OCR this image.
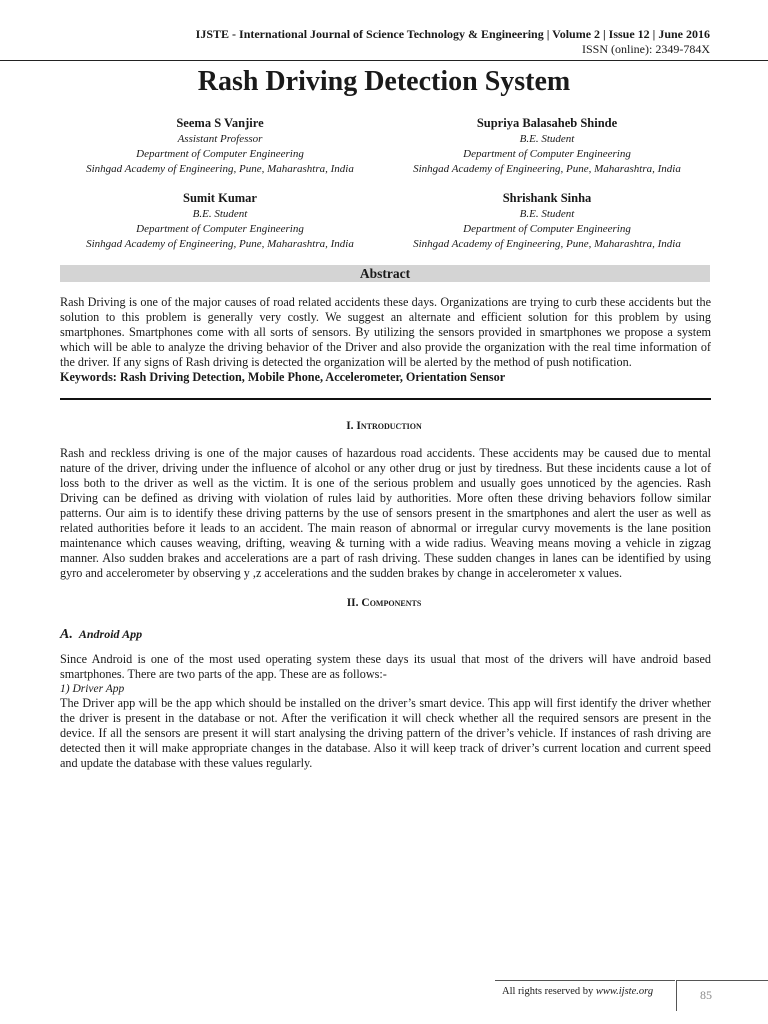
IJSTE - International Journal of Science Technology & Engineering | Volume 2 | Issue 12 | June 2016
ISSN (online): 2349-784X
Rash Driving Detection System
Seema S Vanjire
Assistant Professor
Department of Computer Engineering
Sinhgad Academy of Engineering, Pune, Maharashtra, India
Supriya Balasaheb Shinde
B.E. Student
Department of Computer Engineering
Sinhgad Academy of Engineering, Pune, Maharashtra, India
Sumit Kumar
B.E. Student
Department of Computer Engineering
Sinhgad Academy of Engineering, Pune, Maharashtra, India
Shrishank Sinha
B.E. Student
Department of Computer Engineering
Sinhgad Academy of Engineering, Pune, Maharashtra, India
Abstract
Rash Driving is one of the major causes of road related accidents these days. Organizations are trying to curb these accidents but the solution to this problem is generally very costly. We suggest an alternate and efficient solution for this problem by using smartphones. Smartphones come with all sorts of sensors. By utilizing the sensors provided in smartphones we propose a system which will be able to analyze the driving behavior of the Driver and also provide the organization with the real time information of the driver. If any signs of Rash driving is detected the organization will be alerted by the method of push notification.
Keywords: Rash Driving Detection, Mobile Phone, Accelerometer, Orientation Sensor
I. Introduction
Rash and reckless driving is one of the major causes of hazardous road accidents. These accidents may be caused due to mental nature of the driver, driving under the influence of alcohol or any other drug or just by tiredness. But these incidents cause a lot of loss both to the driver as well as the victim. It is one of the serious problem and usually goes unnoticed by the agencies. Rash Driving can be defined as driving with violation of rules laid by authorities. More often these driving behaviors follow similar patterns. Our aim is to identify these driving patterns by the use of sensors present in the smartphones and alert the user as well as related authorities before it leads to an accident. The main reason of abnormal or irregular curvy movements is the lane position maintenance which causes weaving, drifting, weaving & turning with a wide radius. Weaving means moving a vehicle in zigzag manner. Also sudden brakes and accelerations are a part of rash driving. These sudden changes in lanes can be identified by using gyro and accelerometer by observing y ,z accelerations and the sudden brakes by change in accelerometer x values.
II. Components
A. Android App
Since Android is one of the most used operating system these days its usual that most of the drivers will have android based smartphones. There are two parts of the app. These are as follows:-
1) Driver App
The Driver app will be the app which should be installed on the driver’s smart device. This app will first identify the driver whether the driver is present in the database or not. After the verification it will check whether all the required sensors are present in the device. If all the sensors are present it will start analysing the driving pattern of the driver’s vehicle. If instances of rash driving are detected then it will make appropriate changes in the database. Also it will keep track of driver’s current location and current speed and update the database with these values regularly.
All rights reserved by www.ijste.org	85
